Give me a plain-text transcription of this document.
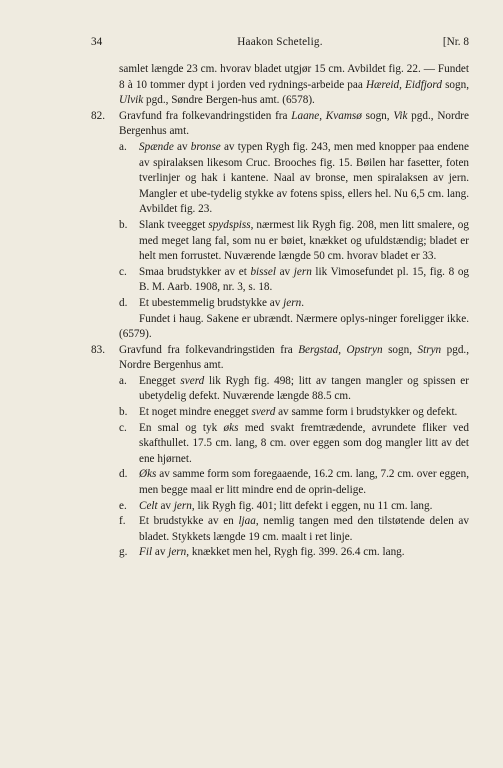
34	Haakon Schetelig.	[Nr. 8
samlet længde 23 cm. hvorav bladet utgjør 15 cm. Avbildet fig. 22. — Fundet 8 à 10 tommer dypt i jorden ved rydnings-arbeide paa Hæreid, Eidfjord sogn, Ulvik pgd., Søndre Bergen-hus amt. (6578).
82. Gravfund fra folkevandringstiden fra Laane, Kvamsø sogn, Vik pgd., Nordre Bergenhus amt.
a. Spænde av bronse av typen Rygh fig. 243, men med knopper paa endene av spiralaksen likesom Cruc. Brooches fig. 15. Bøilen har fasetter, foten tverlinjer og hak i kantene. Naal av bronse, men spiralaksen av jern. Mangler et ube-tydelig stykke av fotens spiss, ellers hel. Nu 6,5 cm. lang. Avbildet fig. 23.
b. Slank tveegget spydspiss, nærmest lik Rygh fig. 208, men litt smalere, og med meget lang fal, som nu er bøiet, knækket og ufuldstændig; bladet er helt men forrustet. Nuværende længde 50 cm. hvorav bladet er 33.
c. Smaa brudstykker av et bissel av jern lik Vimosefundet pl. 15, fig. 8 og B. M. Aarb. 1908, nr. 3, s. 18.
d. Et ubestemmelig brudstykke av jern.
Fundet i haug. Sakene er ubrændt. Nærmere oplys-ninger foreligger ikke. (6579).
83. Gravfund fra folkevandringstiden fra Bergstad, Opstryn sogn, Stryn pgd., Nordre Bergenhus amt.
a. Enegget sverd lik Rygh fig. 498; litt av tangen mangler og spissen er ubetydelig defekt. Nuværende længde 88.5 cm.
b. Et noget mindre enegget sverd av samme form i brudstykker og defekt.
c. En smal og tyk øks med svakt fremtrædende, avrundete fliker ved skafthullet. 17.5 cm. lang, 8 cm. over eggen som dog mangler litt av det ene hjørnet.
d. Øks av samme form som foregaaende, 16.2 cm. lang, 7.2 cm. over eggen, men begge maal er litt mindre end de oprin-delige.
e. Celt av jern, lik Rygh fig. 401; litt defekt i eggen, nu 11 cm. lang.
f. Et brudstykke av en ljaa, nemlig tangen med den tilstøtende delen av bladet. Stykkets længde 19 cm. maalt i ret linje.
g. Fil av jern, knækket men hel, Rygh fig. 399. 26.4 cm. lang.
